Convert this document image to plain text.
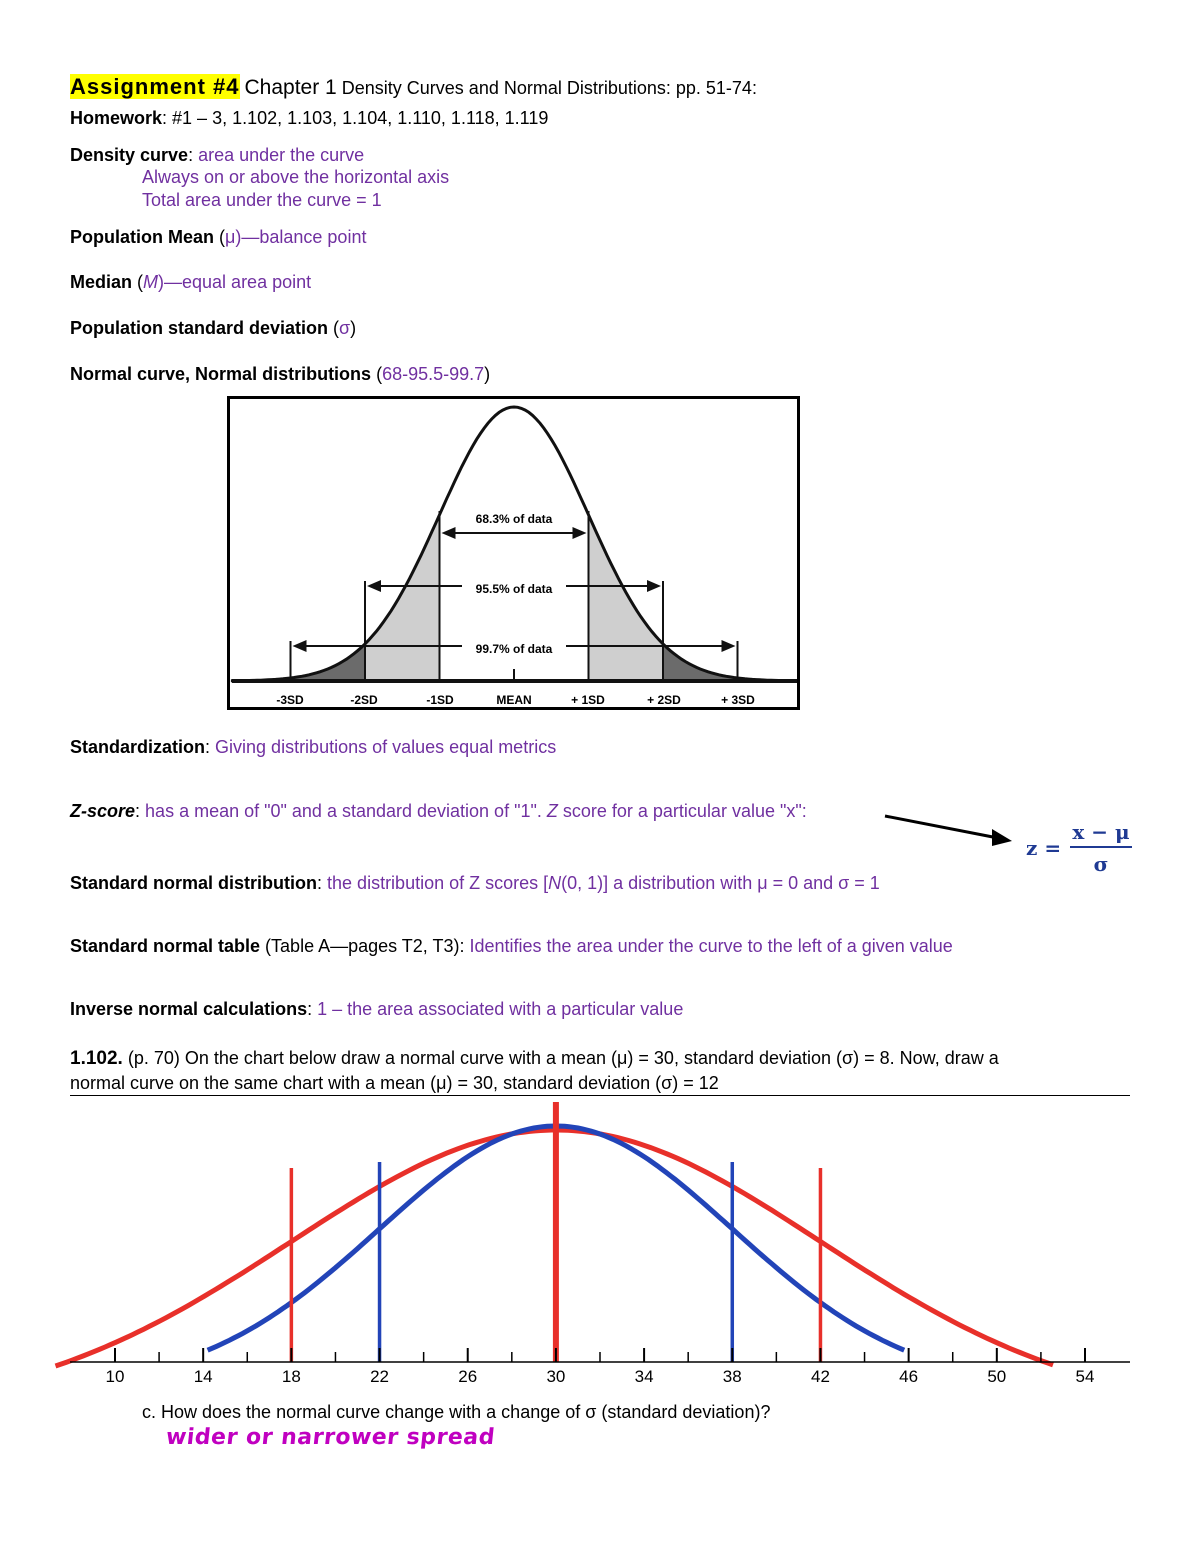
Assignment #4 Chapter 1 Density Curves and Normal Distributions: pp. 51-74:
Homework: #1 – 3, 1.102, 1.103, 1.104, 1.110, 1.118, 1.119
Density curve: area under the curve
Always on or above the horizontal axis
Total area under the curve = 1
Population Mean (μ)—balance point
Median (M)—equal area point
Population standard deviation (σ)
Normal curve, Normal distributions (68-95.5-99.7)
-3SD	-2SD	-1SD	MEAN	+ 1SD	+ 2SD	+ 3SD
68.3% of data
95.5% of data
99.7% of data
Standardization: Giving distributions of values equal metrics
Z-score: has a mean of "0" and a standard deviation of "1". Z score for a particular value "x":
z =
x − μ
σ
Standard normal distribution: the distribution of Z scores [N(0, 1)] a distribution with μ = 0 and σ = 1
Standard normal table (Table A—pages T2, T3): Identifies the area under the curve to the left of a given value
Inverse normal calculations: 1 – the area associated with a particular value
1.102. (p. 70) On the chart below draw a normal curve with a mean (μ) = 30, standard deviation (σ) = 8. Now, draw a
normal curve on the same chart with a mean (μ) = 30, standard deviation (σ) = 12
10	14	18	22	26	30	34	38	42	46	50	54
c. How does the normal curve change with a change of σ (standard deviation)?
wider or narrower spread
